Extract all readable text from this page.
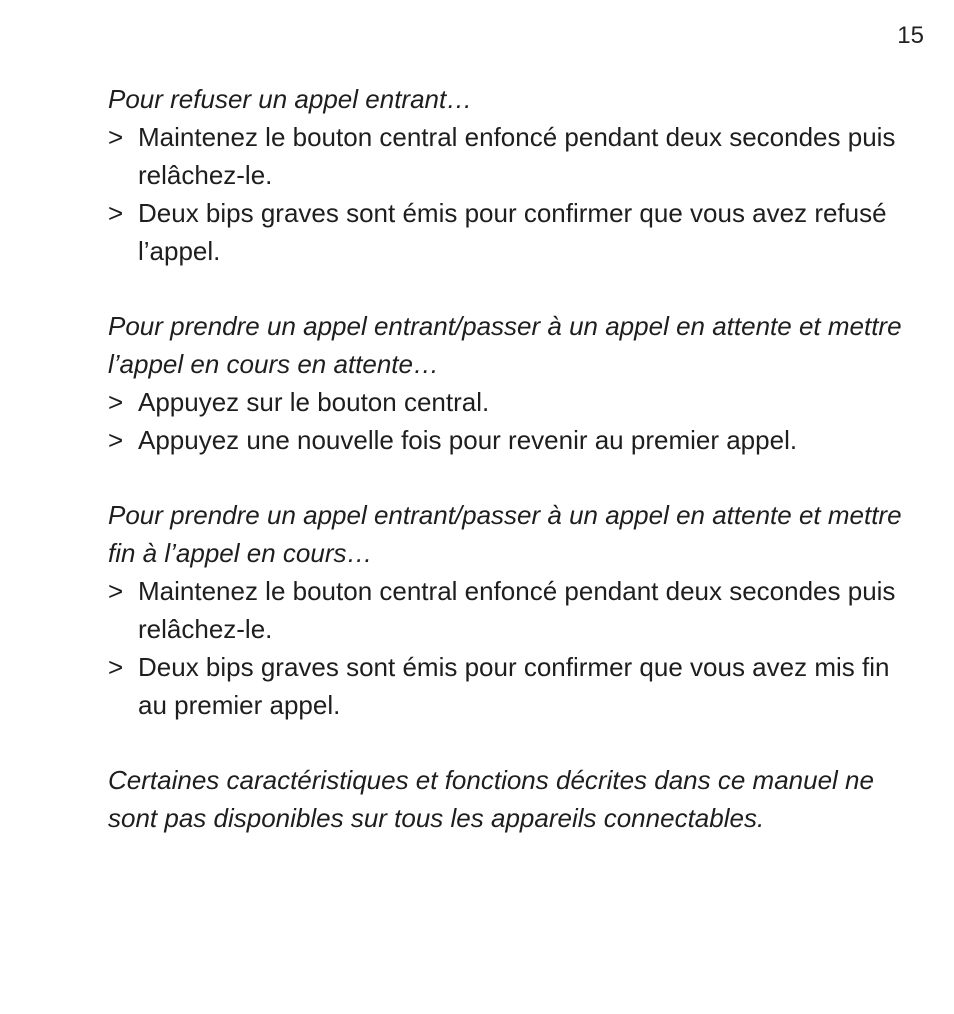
15

Pour refuser un appel entrant…

> Maintenez le bouton central enfoncé pendant deux secondes puis relâchez-le.
> Deux bips graves sont émis pour confirmer que vous avez refusé l’appel.

Pour prendre un appel entrant/passer à un appel en attente et mettre l’appel en cours en attente…

> Appuyez sur le bouton central.
> Appuyez une nouvelle fois pour revenir au premier appel.

Pour prendre un appel entrant/passer à un appel en attente et mettre fin à l’appel en cours…

> Maintenez le bouton central enfoncé pendant deux secondes puis relâchez-le.
> Deux bips graves sont émis pour confirmer que vous avez mis fin au premier appel.

Certaines caractéristiques et fonctions décrites dans ce manuel ne sont pas disponibles sur tous les appareils connectables.
